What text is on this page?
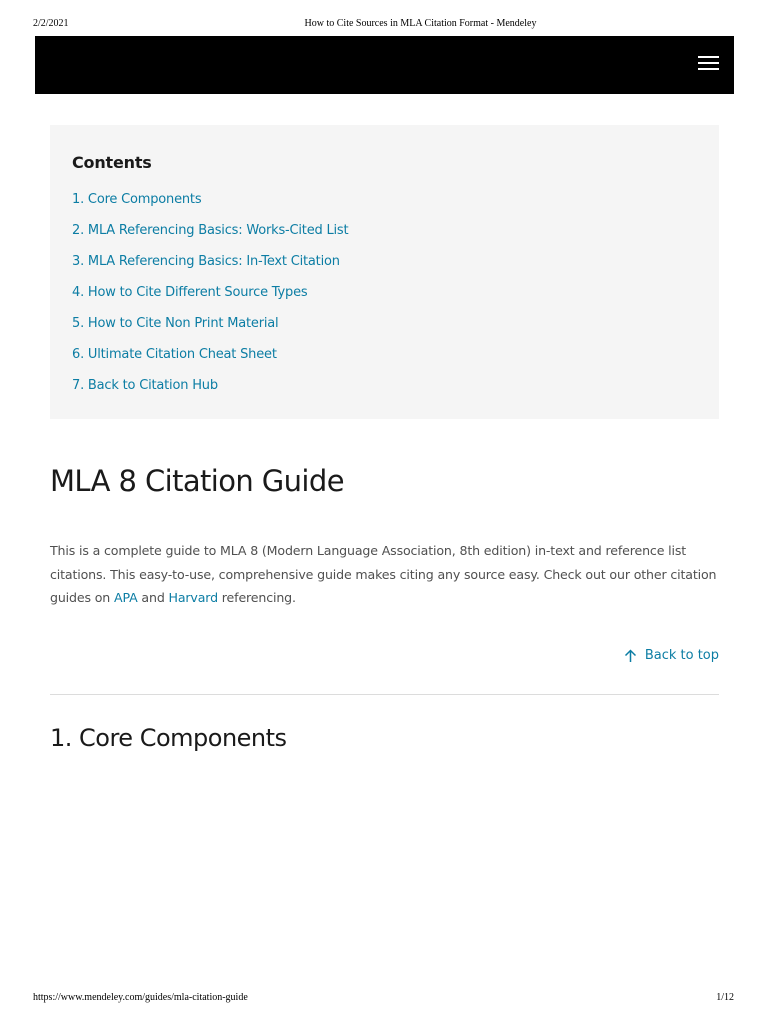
2/2/2021	How to Cite Sources in MLA Citation Format - Mendeley
Contents
1. Core Components
2. MLA Referencing Basics: Works-Cited List
3. MLA Referencing Basics: In-Text Citation
4. How to Cite Different Source Types
5. How to Cite Non Print Material
6. Ultimate Citation Cheat Sheet
7. Back to Citation Hub
MLA 8 Citation Guide

This is a complete guide to MLA 8 (Modern Language Association, 8th edition) in-text and reference list citations. This easy-to-use, comprehensive guide makes citing any source easy. Check out our other citation guides on APA and Harvard referencing.

Back to top
1. Core Components
https://www.mendeley.com/guides/mla-citation-guide	1/12
